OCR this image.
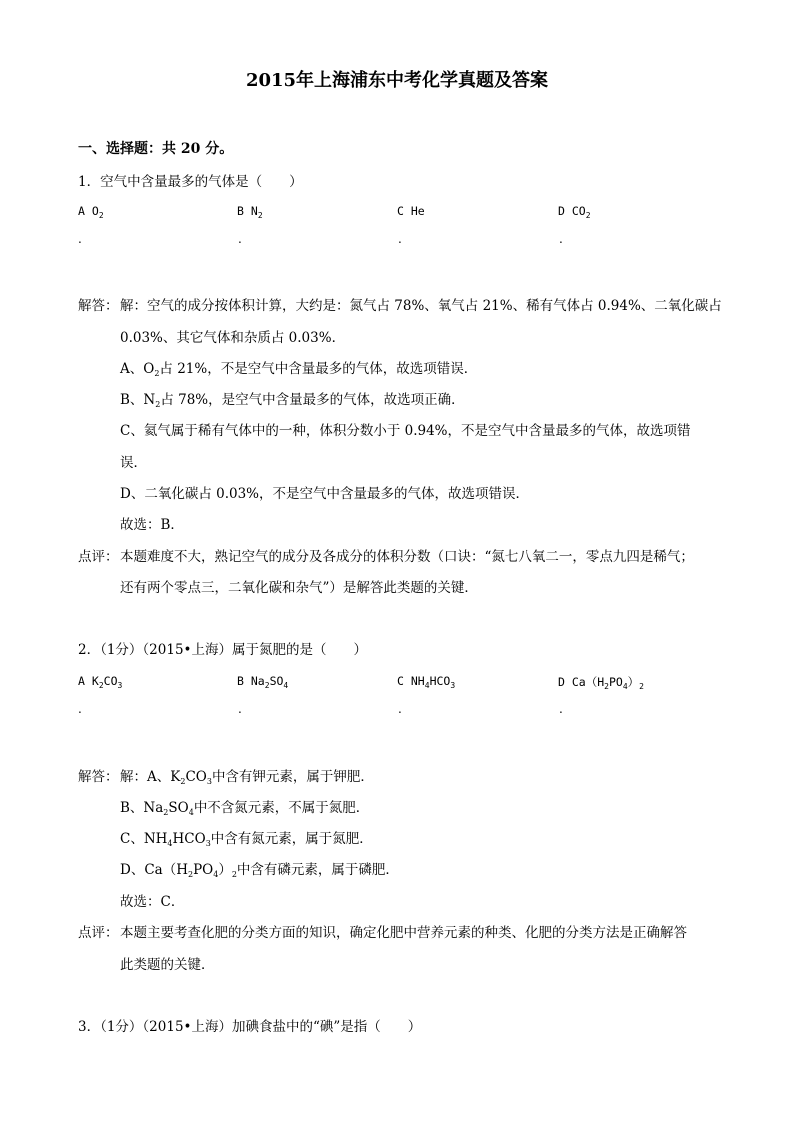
2015年上海浦东中考化学真题及答案
一、选择题：共 20 分。
1．空气中含量最多的气体是（　　）
A $O_2$	B $N_2$	C He	D $CO_2$
.	.	.	.
解答： 解：空气的成分按体积计算，大约是：氮气占 78%、氧气占 21%、稀有气体占 0.94%、二氧化碳占
0.03%、其它气体和杂质占 0.03%．
A、$O_2$占 21%，不是空气中含量最多的气体，故选项错误．
B、$N_2$占 78%，是空气中含量最多的气体，故选项正确．
C、氦气属于稀有气体中的一种，体积分数小于 0.94%，不是空气中含量最多的气体，故选项错
误．
D、二氧化碳占 0.03%，不是空气中含量最多的气体，故选项错误．
故选：B．
点评： 本题难度不大，熟记空气的成分及各成分的体积分数（口诀：“氮七八氧二一，零点九四是稀气；
还有两个零点三，二氧化碳和杂气”）是解答此类题的关键．
2．（1分）（2015•上海）属于氮肥的是（　　）
A $K_2CO_3$	B $Na_2SO_4$	C $NH_4HCO_3$	D $Ca(H_2PO_4)_2$
.	.	.	.
解答： 解：A、$K_2CO_3$中含有钾元素，属于钾肥．
B、$Na_2SO_4$中不含氮元素，不属于氮肥．
C、$NH_4HCO_3$中含有氮元素，属于氮肥．
D、$Ca(H_2PO_4)_2$中含有磷元素，属于磷肥．
故选：C．
点评： 本题主要考查化肥的分类方面的知识，确定化肥中营养元素的种类、化肥的分类方法是正确解答
此类题的关键．
3．（1分）（2015•上海）加碘食盐中的“碘”是指（　　）
